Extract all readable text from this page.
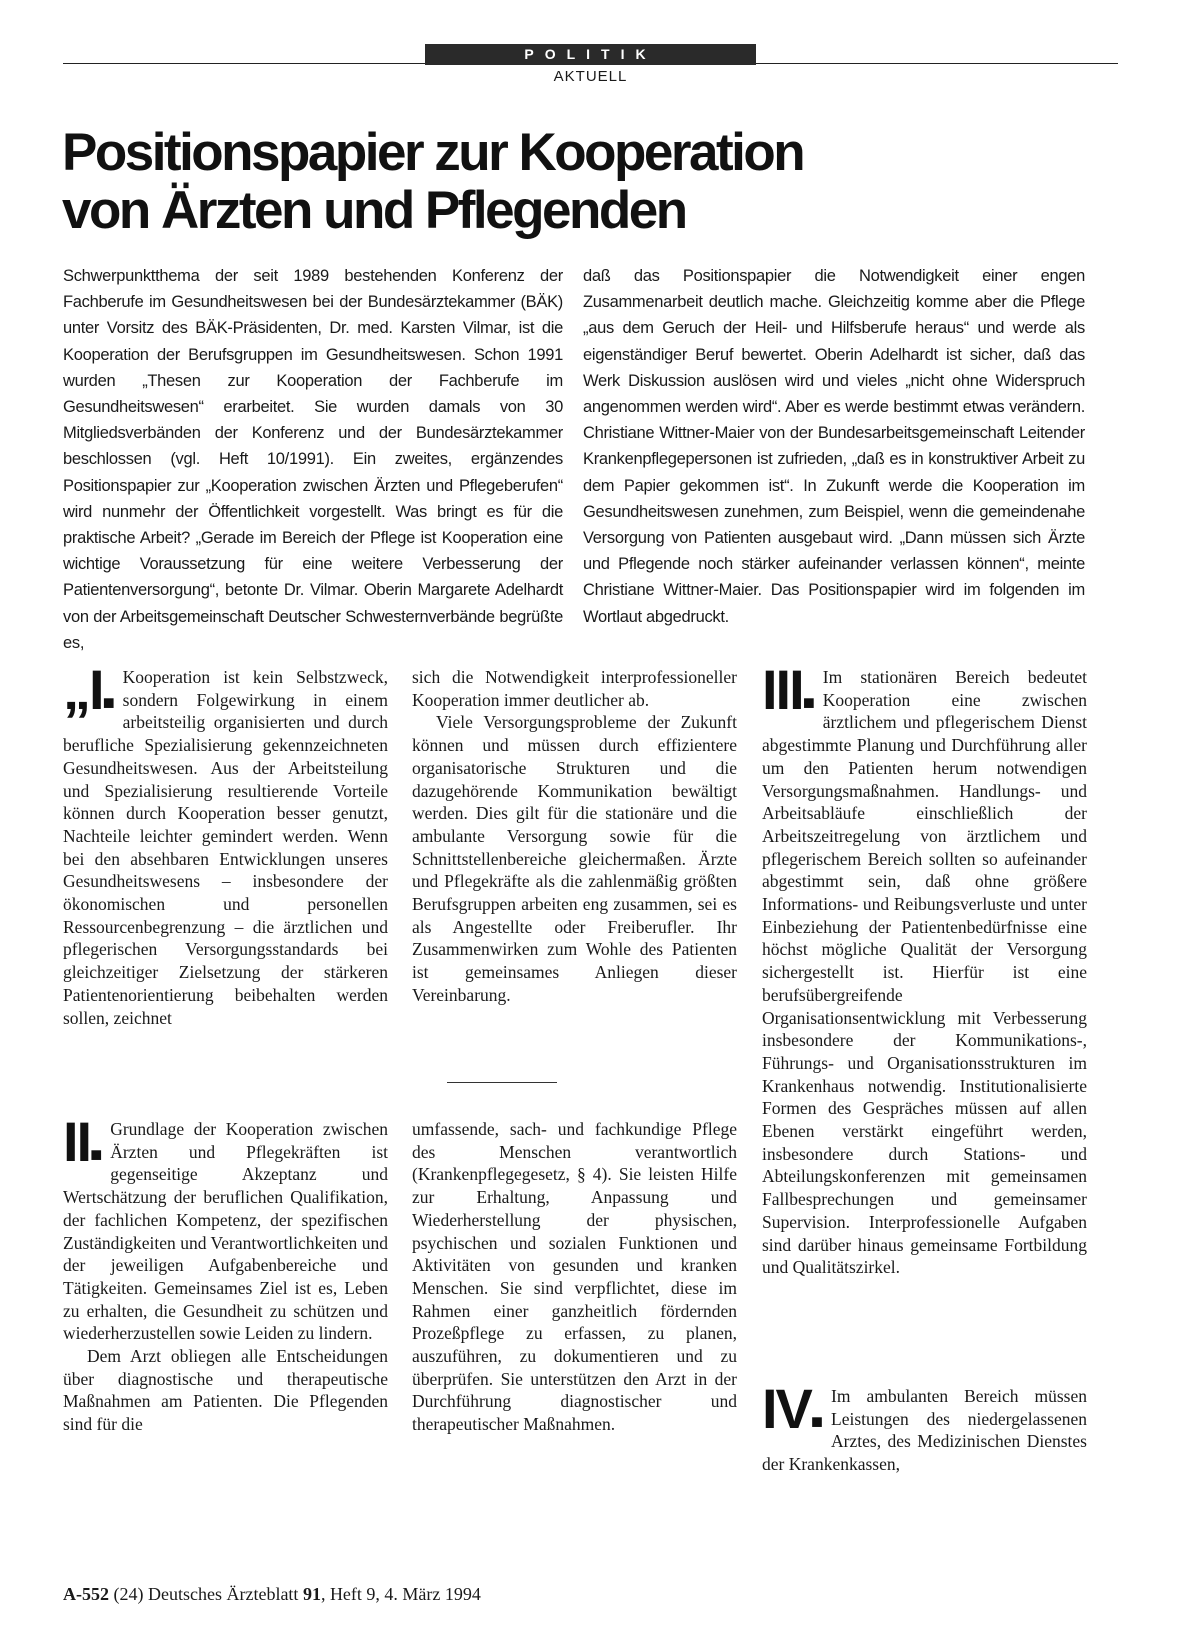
POLITIK
AKTUELL
Positionspapier zur Kooperation
von Ärzten und Pflegenden

Schwerpunktthema der seit 1989 bestehenden Konferenz der Fachberufe im Gesundheitswesen bei der Bundesärztekammer (BÄK) unter Vorsitz des BÄK-Präsidenten, Dr. med. Karsten Vilmar, ist die Kooperation der Berufsgruppen im Gesundheitswesen. Schon 1991 wurden „Thesen zur Kooperation der Fachberufe im Gesundheitswesen“ erarbeitet. Sie wurden damals von 30 Mitgliedsverbänden der Konferenz und der Bundesärztekammer beschlossen (vgl. Heft 10/1991). Ein zweites, ergänzendes Positionspapier zur „Kooperation zwischen Ärzten und Pflegeberufen“ wird nunmehr der Öffentlichkeit vorgestellt. Was bringt es für die praktische Arbeit? „Gerade im Bereich der Pflege ist Kooperation eine wichtige Voraussetzung für eine weitere Verbesserung der Patientenversorgung“, betonte Dr. Vilmar. Oberin Margarete Adelhardt von der Arbeitsgemeinschaft Deutscher Schwesternverbände begrüßte es,

daß das Positionspapier die Notwendigkeit einer engen Zusammenarbeit deutlich mache. Gleichzeitig komme aber die Pflege „aus dem Geruch der Heil- und Hilfsberufe heraus“ und werde als eigenständiger Beruf bewertet. Oberin Adelhardt ist sicher, daß das Werk Diskussion auslösen wird und vieles „nicht ohne Widerspruch angenommen werden wird“. Aber es werde bestimmt etwas verändern. Christiane Wittner-Maier von der Bundesarbeitsgemeinschaft Leitender Krankenpflegepersonen ist zufrieden, „daß es in konstruktiver Arbeit zu dem Papier gekommen ist“. In Zukunft werde die Kooperation im Gesundheitswesen zunehmen, zum Beispiel, wenn die gemeindenahe Versorgung von Patienten ausgebaut wird. „Dann müssen sich Ärzte und Pflegende noch stärker aufeinander verlassen können“, meinte Christiane Wittner-Maier. Das Positionspapier wird im folgenden im Wortlaut abgedruckt.

„I■
Kooperation ist kein Selbstzweck, sondern Folgewirkung in einem arbeitsteilig organisierten und durch berufliche Spezialisierung gekennzeichneten Gesundheitswesen. Aus der Arbeitsteilung und Spezialisierung resultierende Vorteile können durch Kooperation besser genutzt, Nachteile leichter gemindert werden. Wenn bei den absehbaren Entwicklungen unseres Gesundheitswesens – insbesondere der ökonomischen und personellen Ressourcenbegrenzung – die ärztlichen und pflegerischen Versorgungsstandards bei gleichzeitiger Zielsetzung der stärkeren Patientenorientierung beibehalten werden sollen, zeichnet

sich die Notwendigkeit interprofessioneller Kooperation immer deutlicher ab.

Viele Versorgungsprobleme der Zukunft können und müssen durch effizientere organisatorische Strukturen und die dazugehörende Kommunikation bewältigt werden. Dies gilt für die stationäre und die ambulante Versorgung sowie für die Schnittstellenbereiche gleichermaßen. Ärzte und Pflegekräfte als die zahlenmäßig größten Berufsgruppen arbeiten eng zusammen, sei es als Angestellte oder Freiberufler. Ihr Zusammenwirken zum Wohle des Patienten ist gemeinsames Anliegen dieser Vereinbarung.

II■
Grundlage der Kooperation zwischen Ärzten und Pflegekräften ist gegenseitige Akzeptanz und Wertschätzung der beruflichen Qualifikation, der fachlichen Kompetenz, der spezifischen Zuständigkeiten und Verantwortlichkeiten und der jeweiligen Aufgabenbereiche und Tätigkeiten. Gemeinsames Ziel ist es, Leben zu erhalten, die Gesundheit zu schützen und wiederherzustellen sowie Leiden zu lindern.

Dem Arzt obliegen alle Entscheidungen über diagnostische und therapeutische Maßnahmen am Patienten. Die Pflegenden sind für die

umfassende, sach- und fachkundige Pflege des Menschen verantwortlich (Krankenpflegegesetz, § 4). Sie leisten Hilfe zur Erhaltung, Anpassung und Wiederherstellung der physischen, psychischen und sozialen Funktionen und Aktivitäten von gesunden und kranken Menschen. Sie sind verpflichtet, diese im Rahmen einer ganzheitlich fördernden Prozeßpflege zu erfassen, zu planen, auszuführen, zu dokumentieren und zu überprüfen. Sie unterstützen den Arzt in der Durchführung diagnostischer und therapeutischer Maßnahmen.

III■
Im stationären Bereich bedeutet Kooperation eine zwischen ärztlichem und pflegerischem Dienst abgestimmte Planung und Durchführung aller um den Patienten herum notwendigen Versorgungsmaßnahmen. Handlungs- und Arbeitsabläufe einschließlich der Arbeitszeitregelung von ärztlichem und pflegerischem Bereich sollten so aufeinander abgestimmt sein, daß ohne größere Informations- und Reibungsverluste und unter Einbeziehung der Patientenbedürfnisse eine höchst mögliche Qualität der Versorgung sichergestellt ist. Hierfür ist eine berufsübergreifende Organisationsentwicklung mit Verbesserung insbesondere der Kommunikations-, Führungs- und Organisationsstrukturen im Krankenhaus notwendig. Institutionalisierte Formen des Gespräches müssen auf allen Ebenen verstärkt eingeführt werden, insbesondere durch Stations- und Abteilungskonferenzen mit gemeinsamen Fallbesprechungen und gemeinsamer Supervision. Interprofessionelle Aufgaben sind darüber hinaus gemeinsame Fortbildung und Qualitätszirkel.

IV■
Im ambulanten Bereich müssen Leistungen des niedergelassenen Arztes, des Medizinischen Dienstes der Krankenkassen,

A-552 (24) Deutsches Ärzteblatt 91, Heft 9, 4. März 1994
